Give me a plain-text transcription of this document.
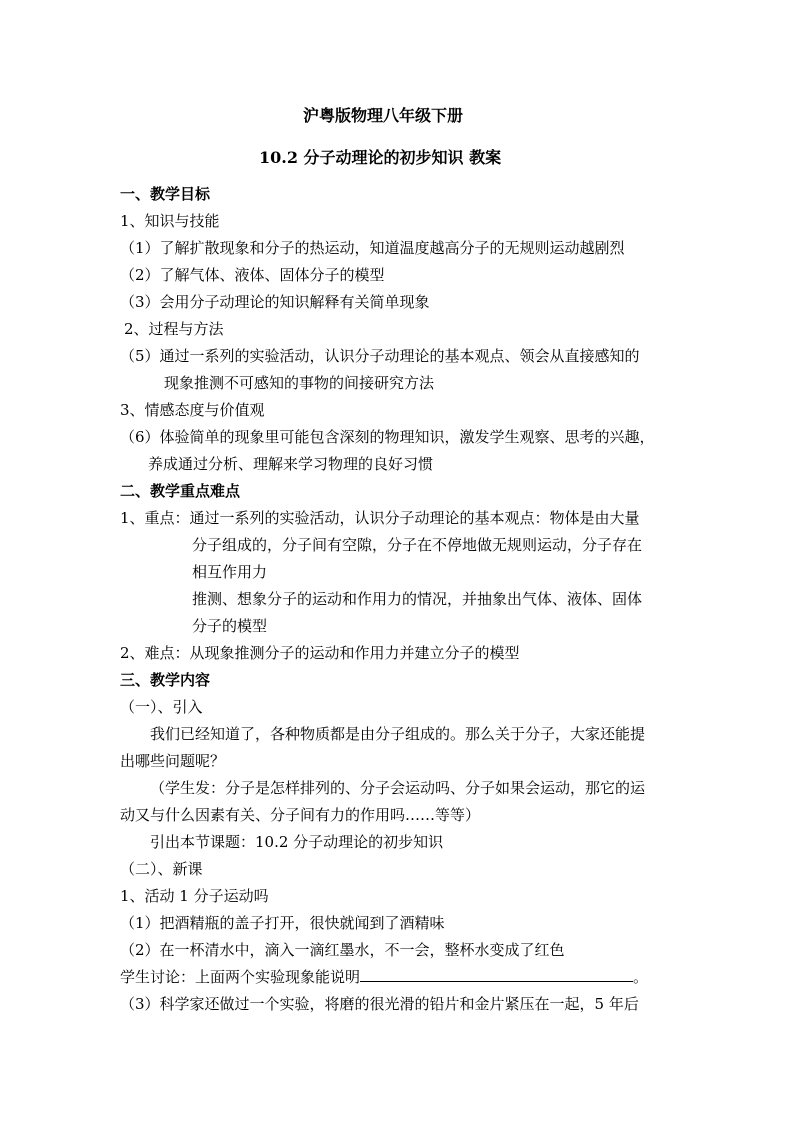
沪粤版物理八年级下册
10.2 分子动理论的初步知识 教案
一、教学目标
1、知识与技能
（1）了解扩散现象和分子的热运动，知道温度越高分子的无规则运动越剧烈
（2）了解气体、液体、固体分子的模型
（3）会用分子动理论的知识解释有关简单现象
2、过程与方法
（5）通过一系列的实验活动，认识分子动理论的基本观点、领会从直接感知的
现象推测不可感知的事物的间接研究方法
3、情感态度与价值观
（6）体验简单的现象里可能包含深刻的物理知识，激发学生观察、思考的兴趣，
养成通过分析、理解来学习物理的良好习惯
二、教学重点难点
1、重点：通过一系列的实验活动，认识分子动理论的基本观点：物体是由大量
分子组成的，分子间有空隙，分子在不停地做无规则运动，分子存在
相互作用力
推测、想象分子的运动和作用力的情况，并抽象出气体、液体、固体
分子的模型
2、难点：从现象推测分子的运动和作用力并建立分子的模型
三、教学内容
（一）、引入
我们已经知道了，各种物质都是由分子组成的。那么关于分子，大家还能提
出哪些问题呢？
（学生发：分子是怎样排列的、分子会运动吗、分子如果会运动，那它的运
动又与什么因素有关、分子间有力的作用吗……等等）
引出本节课题：10.2 分子动理论的初步知识
（二）、新课
1、活动 1 分子运动吗
（1）把酒精瓶的盖子打开，很快就闻到了酒精味
（2）在一杯清水中，滴入一滴红墨水，不一会，整杯水变成了红色
学生讨论：上面两个实验现象能说明	。
（3）科学家还做过一个实验，将磨的很光滑的铅片和金片紧压在一起，5 年后
